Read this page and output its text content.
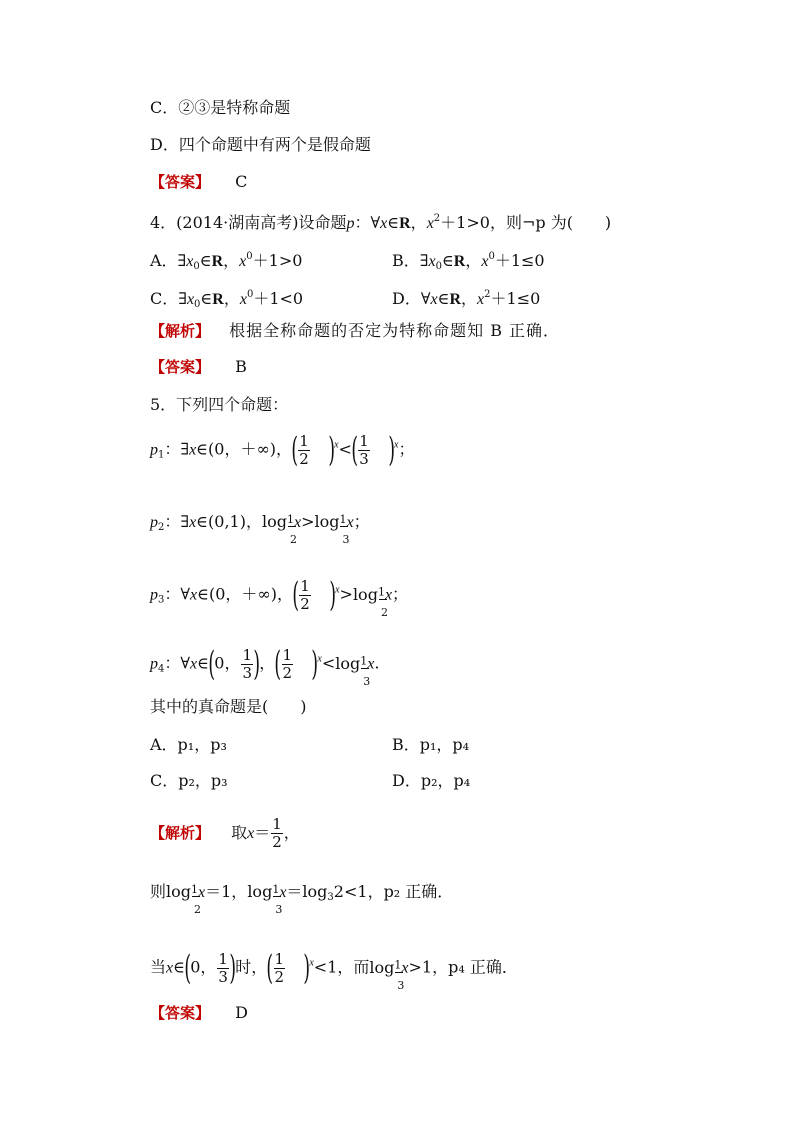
C．②③是特称命题
D．四个命题中有两个是假命题
【答案】 C
4．(2014·湖南高考)设命题p：∀x∈R，$x^2+1>0$，则¬p 为(　　)
A．$\exists x_0\in R$，$x^0+1>0$	B．$\exists x_0\in R$，$x^0+1\le 0$
C．$\exists x_0\in R$，$x^0+1<0$	D．∀x∈R，$x^2+1\le 0$
【解析】 根据全称命题的否定为特称命题知 B 正确．
【答案】 B
5．下列四个命题：
$p_1$：∃x∈(0，＋∞)，( $\frac{1}{2} )^x<( \frac{1}{3} )^x$；
$p_2$：∃x∈(0,1)，log
2
$^1$x>log
3
$^1$x；
$p_3$：∀x∈(0，＋∞)，( $\frac{1}{2} )^x>\log$
2
$^1$x；
$p_4$：∀x∈(0， $\frac{1}{3}$ )，( $\frac{1}{2} )^x<\log$
3
$^1$x.
其中的真命题是(　　)
A．p₁，p₃	B．p₁，p₄
C．p₂，p₃	D．p₂，p₄
【解析】 取$x= \frac{1}{2}$ ，
则log
2
$^1$x＝1，log
3
$^1x=\log_32<1$，p₂ 正确．
当x∈(0， $\frac{1}{3}$ )时，( $\frac{1}{2} )^x<1$，而log
3
$^1$x>1，p₄ 正确．
【答案】 D
